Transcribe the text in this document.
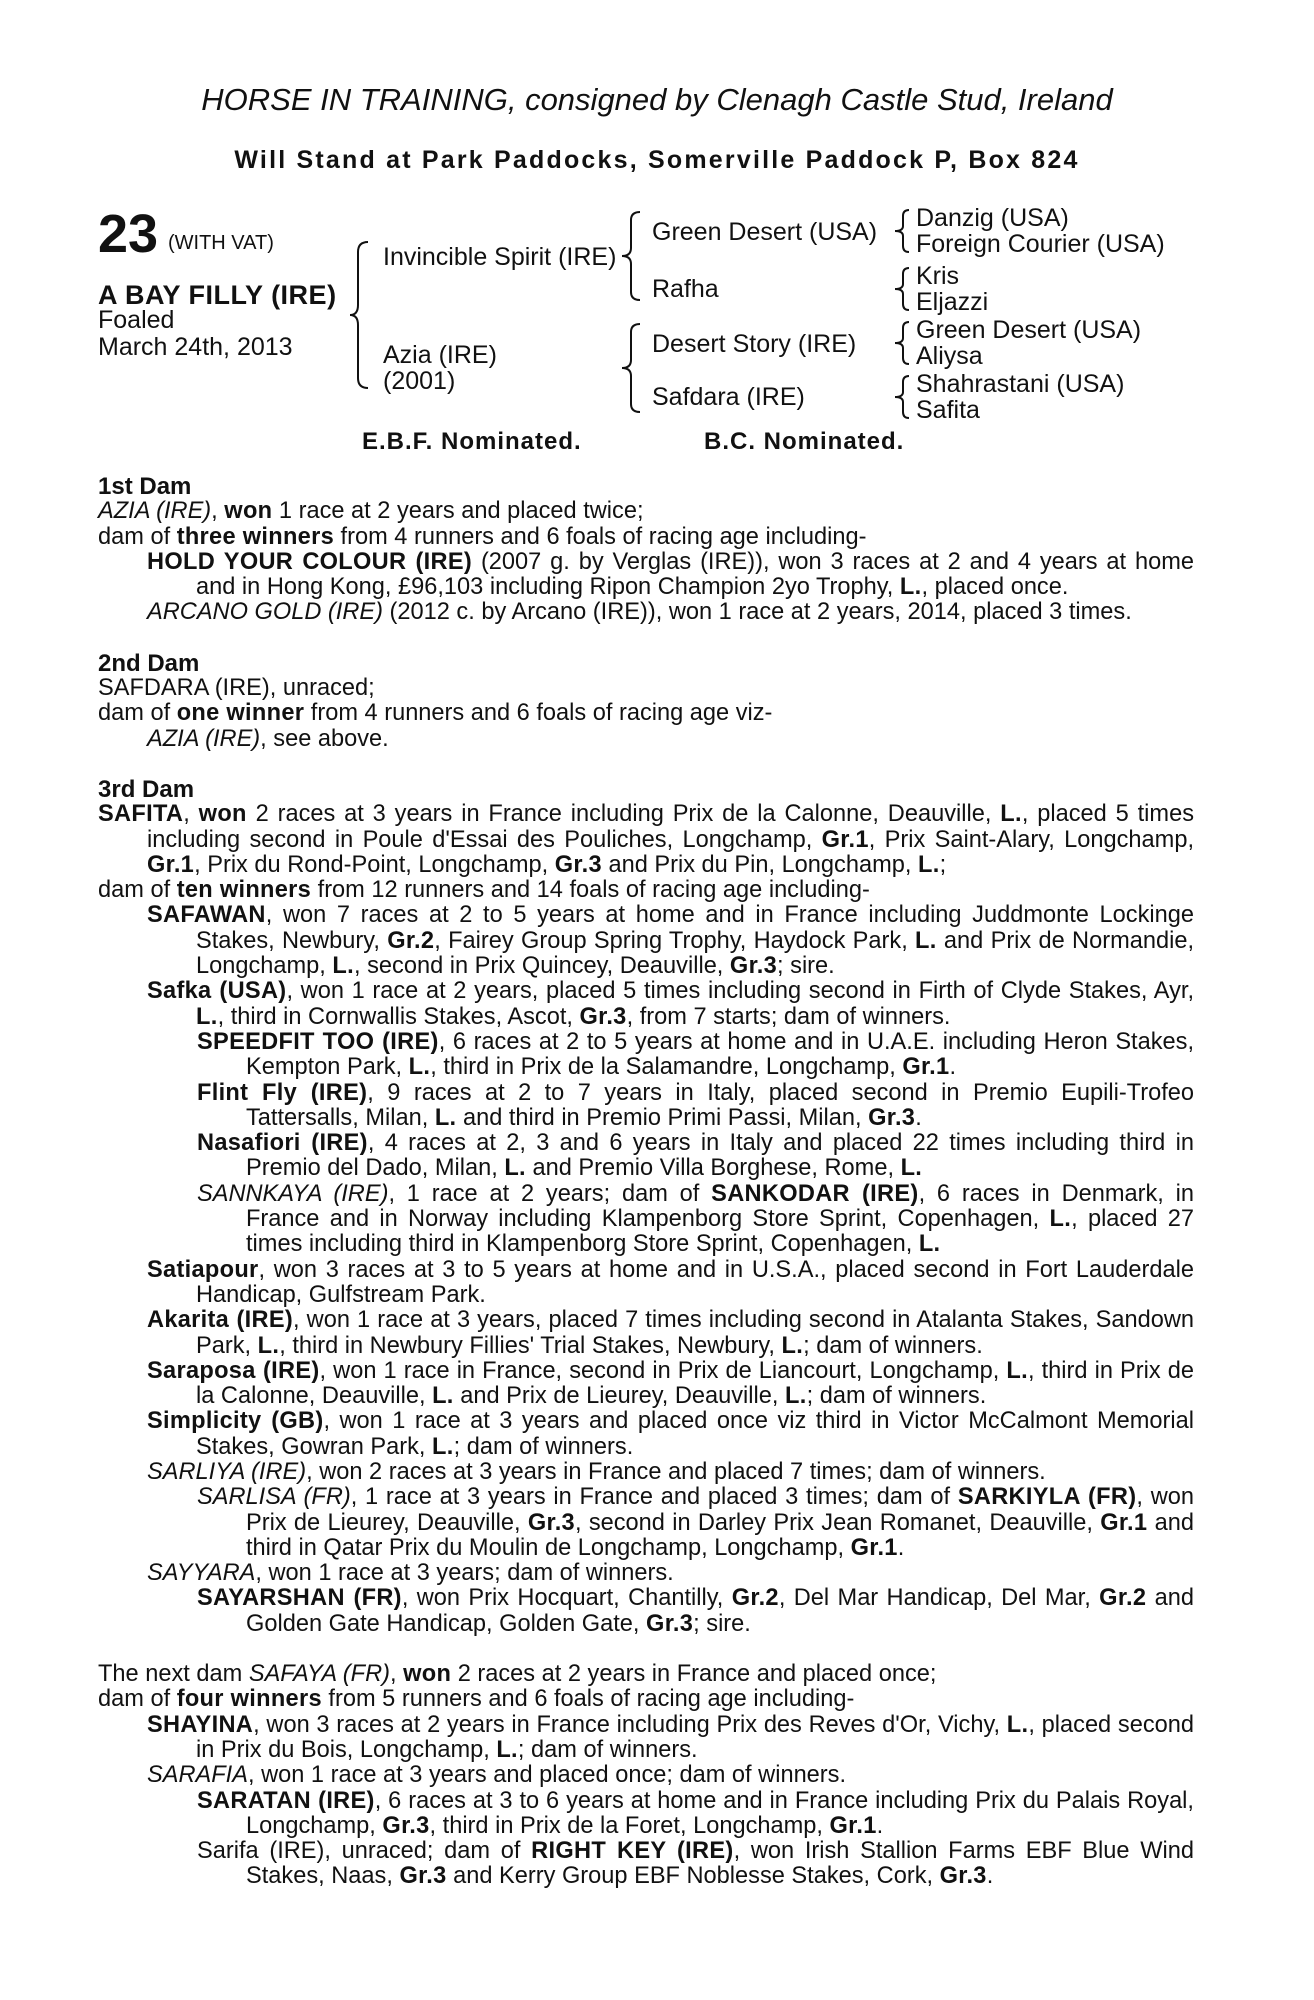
HORSE IN TRAINING, consigned by Clenagh Castle Stud, Ireland
Will Stand at Park Paddocks, Somerville Paddock P, Box 824
23 (WITH VAT)
A BAY FILLY (IRE)
Foaled
March 24th, 2013
Invincible Spirit (IRE)
Azia (IRE)
(2001)
Green Desert (USA)
Rafha
Desert Story (IRE)
Safdara (IRE)
Danzig (USA)
Foreign Courier (USA)
Kris
Eljazzi
Green Desert (USA)
Aliysa
Shahrastani (USA)
Safita
E.B.F. Nominated.	B.C. Nominated.
1st Dam
AZIA (IRE), won 1 race at 2 years and placed twice;
dam of three winners from 4 runners and 6 foals of racing age including-
HOLD YOUR COLOUR (IRE) (2007 g. by Verglas (IRE)), won 3 races at 2 and 4 years at home and in Hong Kong, £96,103 including Ripon Champion 2yo Trophy, L., placed once.
ARCANO GOLD (IRE) (2012 c. by Arcano (IRE)), won 1 race at 2 years, 2014, placed 3 times.
2nd Dam
SAFDARA (IRE), unraced;
dam of one winner from 4 runners and 6 foals of racing age viz-
AZIA (IRE), see above.
3rd Dam
SAFITA, won 2 races at 3 years in France including Prix de la Calonne, Deauville, L., placed 5 times including second in Poule d'Essai des Pouliches, Longchamp, Gr.1, Prix Saint-Alary, Longchamp, Gr.1, Prix du Rond-Point, Longchamp, Gr.3 and Prix du Pin, Longchamp, L.;
dam of ten winners from 12 runners and 14 foals of racing age including-
SAFAWAN, won 7 races at 2 to 5 years at home and in France including Juddmonte Lockinge Stakes, Newbury, Gr.2, Fairey Group Spring Trophy, Haydock Park, L. and Prix de Normandie, Longchamp, L., second in Prix Quincey, Deauville, Gr.3; sire.
Safka (USA), won 1 race at 2 years, placed 5 times including second in Firth of Clyde Stakes, Ayr, L., third in Cornwallis Stakes, Ascot, Gr.3, from 7 starts; dam of winners.
SPEEDFIT TOO (IRE), 6 races at 2 to 5 years at home and in U.A.E. including Heron Stakes, Kempton Park, L., third in Prix de la Salamandre, Longchamp, Gr.1.
Flint Fly (IRE), 9 races at 2 to 7 years in Italy, placed second in Premio Eupili-Trofeo Tattersalls, Milan, L. and third in Premio Primi Passi, Milan, Gr.3.
Nasafiori (IRE), 4 races at 2, 3 and 6 years in Italy and placed 22 times including third in Premio del Dado, Milan, L. and Premio Villa Borghese, Rome, L.
SANNKAYA (IRE), 1 race at 2 years; dam of SANKODAR (IRE), 6 races in Denmark, in France and in Norway including Klampenborg Store Sprint, Copenhagen, L., placed 27 times including third in Klampenborg Store Sprint, Copenhagen, L.
Satiapour, won 3 races at 3 to 5 years at home and in U.S.A., placed second in Fort Lauderdale Handicap, Gulfstream Park.
Akarita (IRE), won 1 race at 3 years, placed 7 times including second in Atalanta Stakes, Sandown Park, L., third in Newbury Fillies' Trial Stakes, Newbury, L.; dam of winners.
Saraposa (IRE), won 1 race in France, second in Prix de Liancourt, Longchamp, L., third in Prix de la Calonne, Deauville, L. and Prix de Lieurey, Deauville, L.; dam of winners.
Simplicity (GB), won 1 race at 3 years and placed once viz third in Victor McCalmont Memorial Stakes, Gowran Park, L.; dam of winners.
SARLIYA (IRE), won 2 races at 3 years in France and placed 7 times; dam of winners.
SARLISA (FR), 1 race at 3 years in France and placed 3 times; dam of SARKIYLA (FR), won Prix de Lieurey, Deauville, Gr.3, second in Darley Prix Jean Romanet, Deauville, Gr.1 and third in Qatar Prix du Moulin de Longchamp, Longchamp, Gr.1.
SAYYARA, won 1 race at 3 years; dam of winners.
SAYARSHAN (FR), won Prix Hocquart, Chantilly, Gr.2, Del Mar Handicap, Del Mar, Gr.2 and Golden Gate Handicap, Golden Gate, Gr.3; sire.
The next dam SAFAYA (FR), won 2 races at 2 years in France and placed once;
dam of four winners from 5 runners and 6 foals of racing age including-
SHAYINA, won 3 races at 2 years in France including Prix des Reves d'Or, Vichy, L., placed second in Prix du Bois, Longchamp, L.; dam of winners.
SARAFIA, won 1 race at 3 years and placed once; dam of winners.
SARATAN (IRE), 6 races at 3 to 6 years at home and in France including Prix du Palais Royal, Longchamp, Gr.3, third in Prix de la Foret, Longchamp, Gr.1.
Sarifa (IRE), unraced; dam of RIGHT KEY (IRE), won Irish Stallion Farms EBF Blue Wind Stakes, Naas, Gr.3 and Kerry Group EBF Noblesse Stakes, Cork, Gr.3.
